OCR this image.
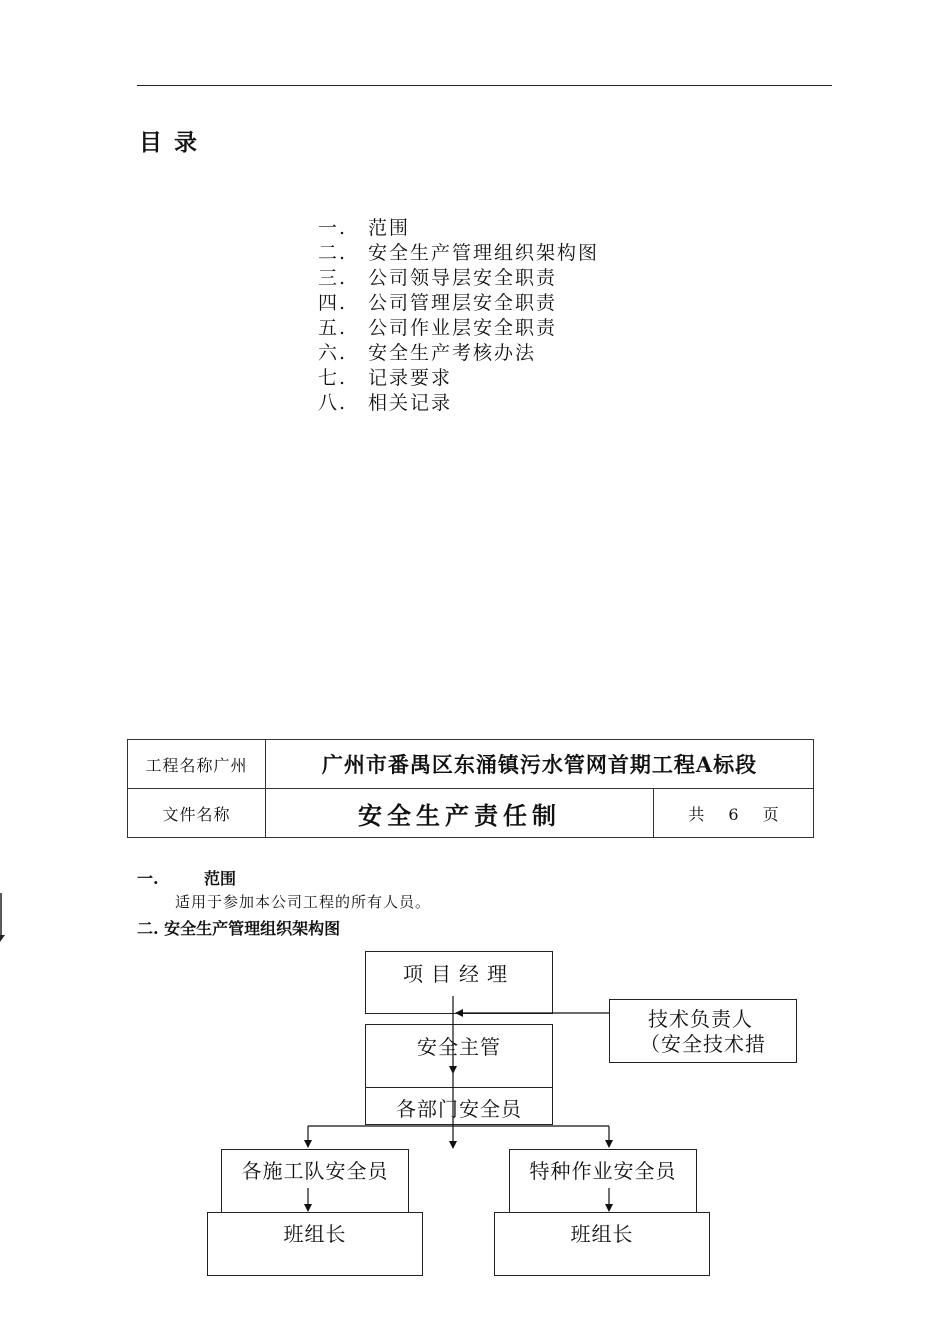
目录
一.	范围
二.	安全生产管理组织架构图
三.	公司领导层安全职责
四.	公司管理层安全职责
五.	公司作业层安全职责
六.	安全生产考核办法
七.	记录要求
八.	相关记录
工程名称广州	广州市番禺区东涌镇污水管网首期工程A标段	
文件名称	安全生产责任制	共 6 页
一.	范围
适用于参加本公司工程的所有人员。
二. 安全生产管理组织架构图
项目经理
技术负责人
（安全技术措
安全主管
各部门安全员
各施工队安全员	特种作业安全员
班组长	班组长
